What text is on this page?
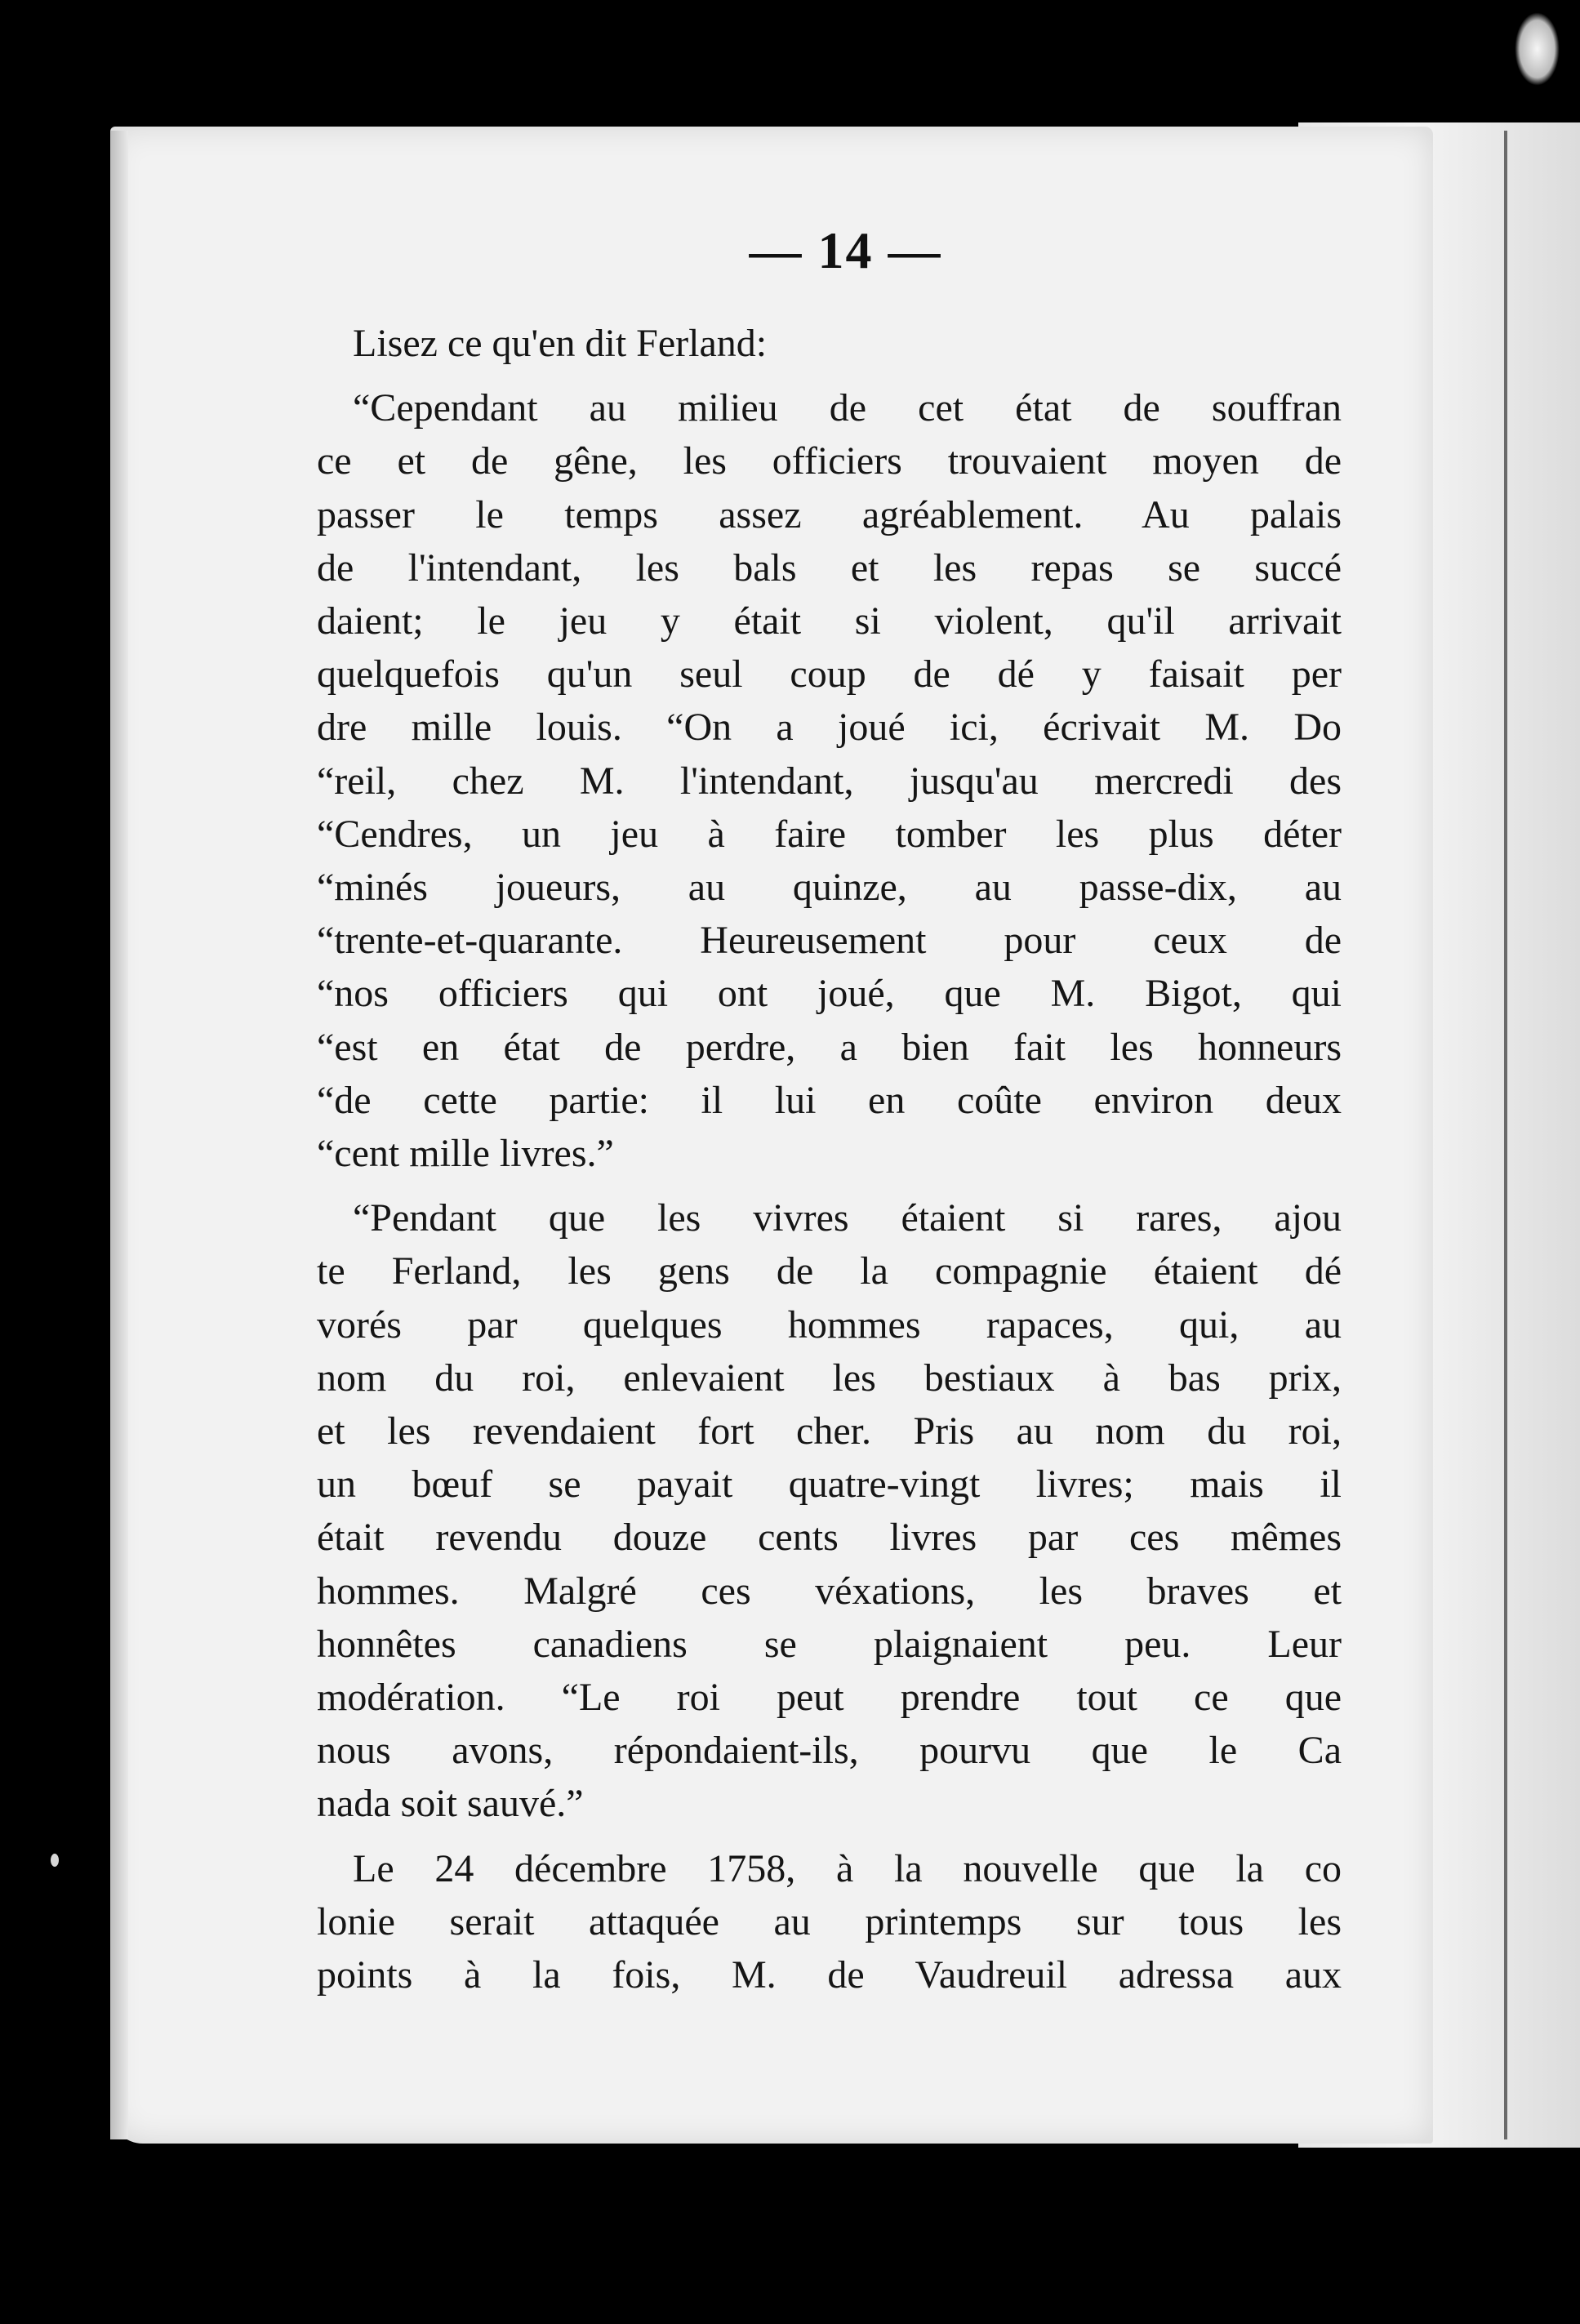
— 14 —

Lisez ce qu'en dit Ferland:

“Cependant au milieu de cet état de souffran
ce et de gêne, les officiers trouvaient moyen de
passer le temps assez agréablement. Au palais
de l'intendant, les bals et les repas se succé
daient; le jeu y était si violent, qu'il arrivait
quelquefois qu'un seul coup de dé y faisait per
dre mille louis. “On a joué ici, écrivait M. Do
“reil, chez M. l'intendant, jusqu'au mercredi des
“Cendres, un jeu à faire tomber les plus déter
“minés joueurs, au quinze, au passe-dix, au
“trente-et-quarante. Heureusement pour ceux de
“nos officiers qui ont joué, que M. Bigot, qui
“est en état de perdre, a bien fait les honneurs
“de cette partie: il lui en coûte environ deux
“cent mille livres.”

“Pendant que les vivres étaient si rares, ajou
te Ferland, les gens de la compagnie étaient dé
vorés par quelques hommes rapaces, qui, au
nom du roi, enlevaient les bestiaux à bas prix,
et les revendaient fort cher. Pris au nom du roi,
un bœuf se payait quatre-vingt livres; mais il
était revendu douze cents livres par ces mêmes
hommes. Malgré ces véxations, les braves et
honnêtes canadiens se plaignaient peu. Leur
modération. “Le roi peut prendre tout ce que
nous avons, répondaient-ils, pourvu que le Ca
nada soit sauvé.”

Le 24 décembre 1758, à la nouvelle que la co
lonie serait attaquée au printemps sur tous les
points à la fois, M. de Vaudreuil adressa aux
